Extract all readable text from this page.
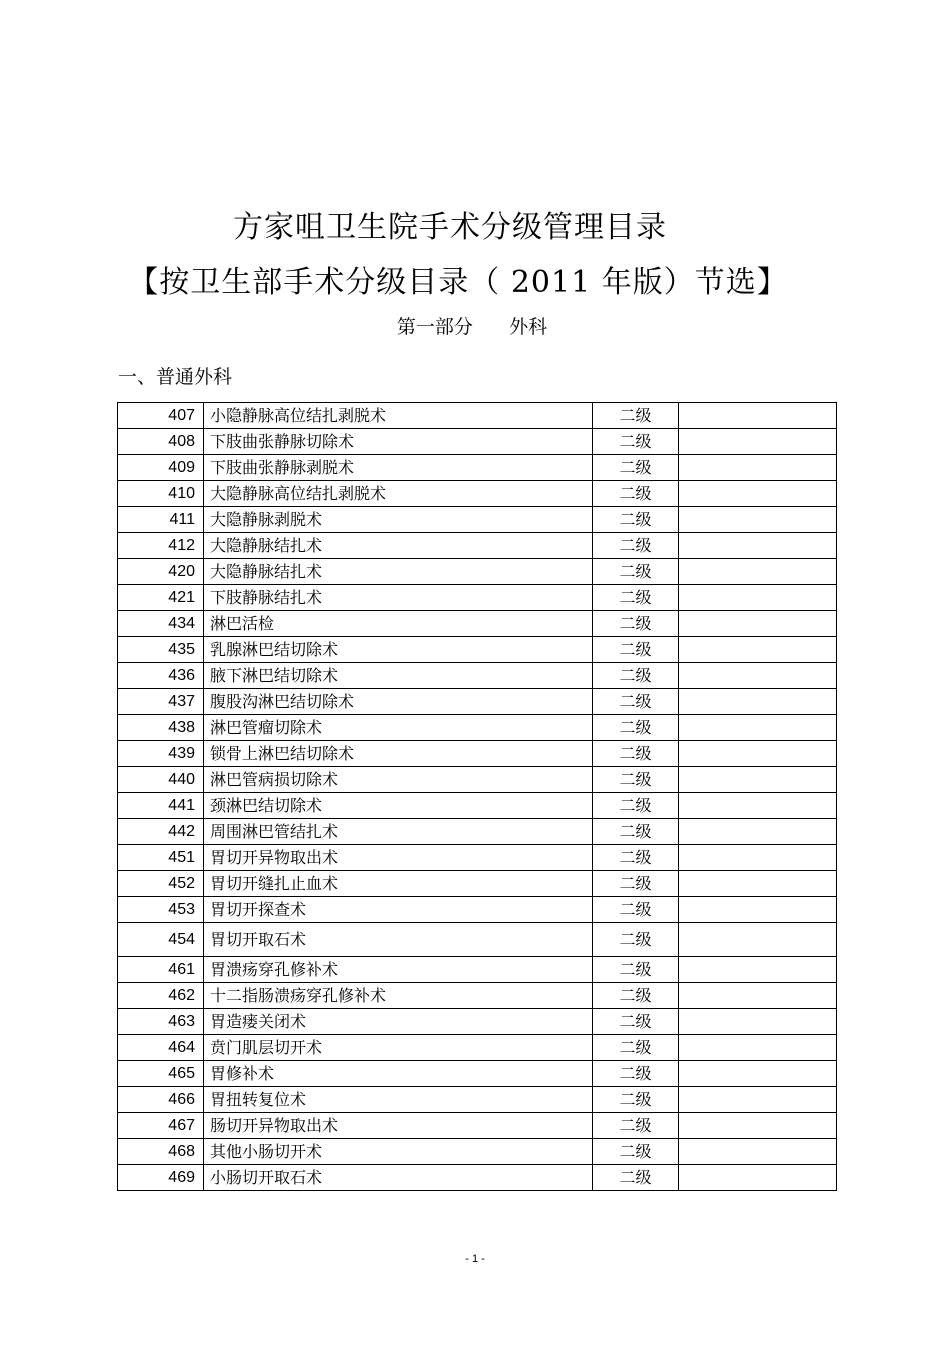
方家咀卫生院手术分级管理目录
【按卫生部手术分级目录（ 2011 年版）节选】
第一部分      外科
一、普通外科
407	小隐静脉高位结扎剥脱术	二级	
408	下肢曲张静脉切除术	二级	
409	下肢曲张静脉剥脱术	二级	
410	大隐静脉高位结扎剥脱术	二级	
411	大隐静脉剥脱术	二级	
412	大隐静脉结扎术	二级	
420	大隐静脉结扎术	二级	
421	下肢静脉结扎术	二级	
434	淋巴活检	二级	
435	乳腺淋巴结切除术	二级	
436	腋下淋巴结切除术	二级	
437	腹股沟淋巴结切除术	二级	
438	淋巴管瘤切除术	二级	
439	锁骨上淋巴结切除术	二级	
440	淋巴管病损切除术	二级	
441	颈淋巴结切除术	二级	
442	周围淋巴管结扎术	二级	
451	胃切开异物取出术	二级	
452	胃切开缝扎止血术	二级	
453	胃切开探查术	二级	
454	胃切开取石术	二级	
461	胃溃疡穿孔修补术	二级	
462	十二指肠溃疡穿孔修补术	二级	
463	胃造瘘关闭术	二级	
464	贲门肌层切开术	二级	
465	胃修补术	二级	
466	胃扭转复位术	二级	
467	肠切开异物取出术	二级	
468	其他小肠切开术	二级	
469	小肠切开取石术	二级	
- 1 -
